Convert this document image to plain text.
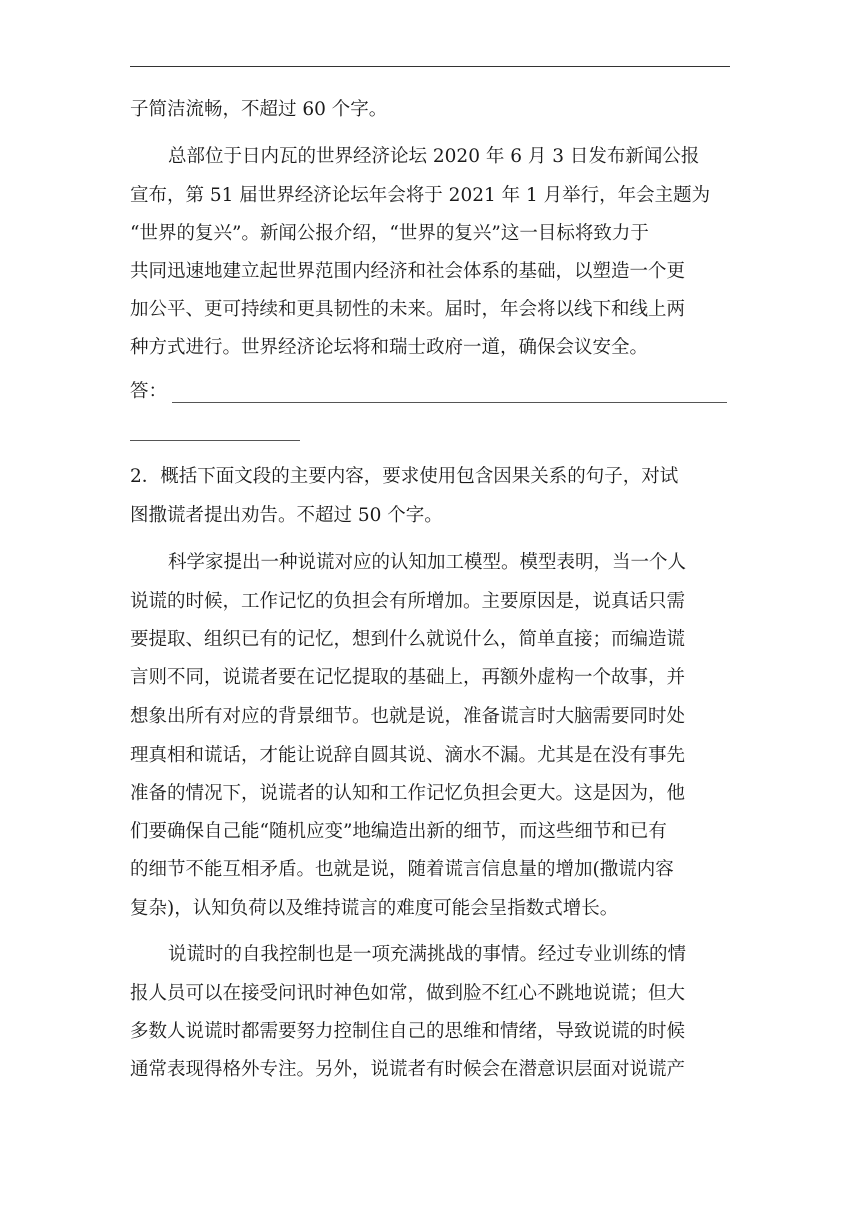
子简洁流畅，不超过 60 个字。
总部位于日内瓦的世界经济论坛 2020 年 6 月 3 日发布新闻公报
宣布，第 51 届世界经济论坛年会将于 2021 年 1 月举行，年会主题为
“世界的复兴”。新闻公报介绍，“世界的复兴”这一目标将致力于
共同迅速地建立起世界范围内经济和社会体系的基础，以塑造一个更
加公平、更可持续和更具韧性的未来。届时，年会将以线下和线上两
种方式进行。世界经济论坛将和瑞士政府一道，确保会议安全。
答：
2．概括下面文段的主要内容，要求使用包含因果关系的句子，对试
图撒谎者提出劝告。不超过 50 个字。
科学家提出一种说谎对应的认知加工模型。模型表明，当一个人
说谎的时候，工作记忆的负担会有所增加。主要原因是，说真话只需
要提取、组织已有的记忆，想到什么就说什么，简单直接；而编造谎
言则不同，说谎者要在记忆提取的基础上，再额外虚构一个故事，并
想象出所有对应的背景细节。也就是说，准备谎言时大脑需要同时处
理真相和谎话，才能让说辞自圆其说、滴水不漏。尤其是在没有事先
准备的情况下，说谎者的认知和工作记忆负担会更大。这是因为，他
们要确保自己能“随机应变”地编造出新的细节，而这些细节和已有
的细节不能互相矛盾。也就是说，随着谎言信息量的增加(撒谎内容
复杂)，认知负荷以及维持谎言的难度可能会呈指数式增长。
说谎时的自我控制也是一项充满挑战的事情。经过专业训练的情
报人员可以在接受问讯时神色如常，做到脸不红心不跳地说谎；但大
多数人说谎时都需要努力控制住自己的思维和情绪，导致说谎的时候
通常表现得格外专注。另外，说谎者有时候会在潜意识层面对说谎产
